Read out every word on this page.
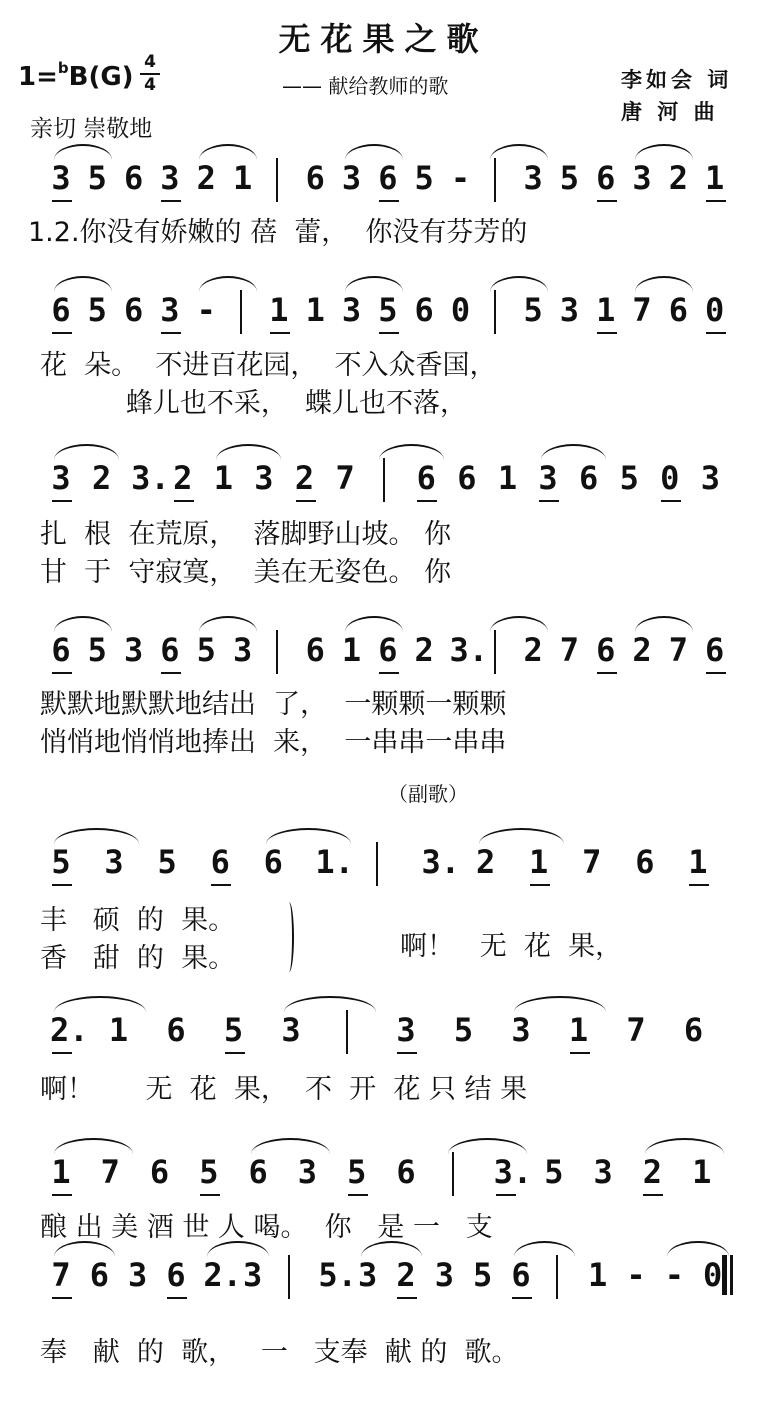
无花果之歌
1=$^b$B(G) 4
4	—— 献给教师的歌
亲切 崇敬地
李如会 词
唐 河 曲
3 5 6 3 2 1 6 3 6 5 - 3 5 6 3 2 1
6 5 6 3 - 1 1 3 5 6 0 5 3 1 7 6 0
3 2 3. 2 1 3 2 7 6 6 1 3 6 5 0 3
6 5 3 6 5 3 6 1 6 2 3. 2 7 6 2 7 6
5 3 5 6 6 1. 3. 2 1 7 6 1
2. 1 6 5 3	3 5 3 1 7 6
1 7 6 5 6 3 5 6 3. 5 3 2 1
7 6 3 6 2. 3 5. 3 2 3 5 6 1 - - 0
1.2.你没有娇嫩的 蓓  蕾，  你没有芬芳的
花  朵。  不进百花园，  不入众香国，
蜂儿也不采，  蝶儿也不落，
扎  根  在荒原，  落脚野山坡。 你
甘  于  守寂寞，  美在无姿色。 你
默默地默默地结出  了，  一颗颗一颗颗
悄悄地悄悄地捧出  来，  一串串一串串
（副歌）
丰   硕  的  果。
香   甜  的  果。	啊！   无  花  果，
啊！      无  花  果，  不  开  花 只 结 果
酿 出 美 酒 世 人 喝。  你   是 一   支
奉   献  的  歌，   一   支奉  献 的  歌。
